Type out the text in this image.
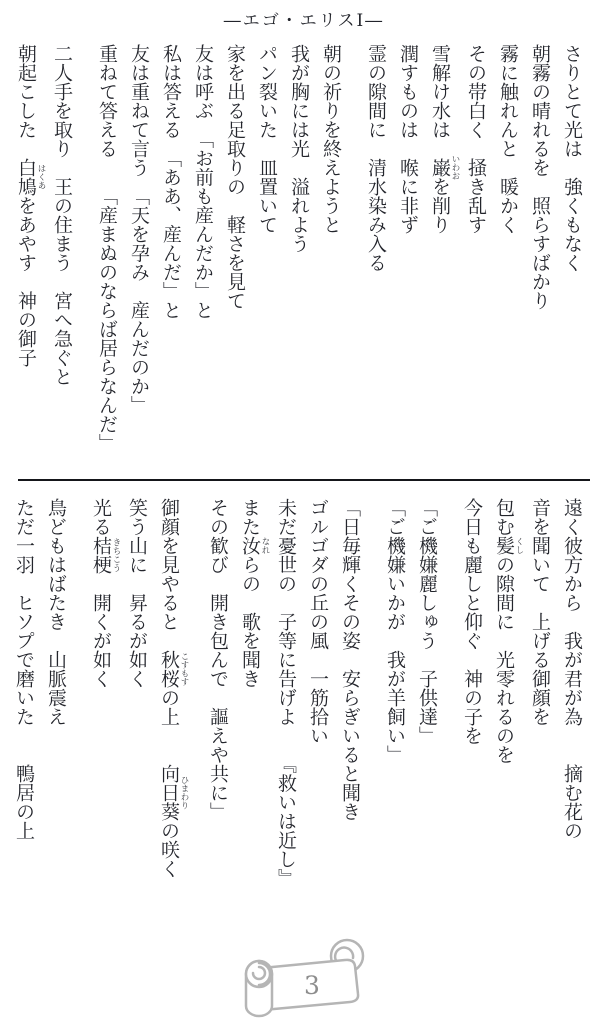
―エゴ・エリスⅠ―
さりとて光は　強くもなく
朝霧の晴れるを　照らすばかり
霧に触れんと　暖かく
その帯白く　掻き乱す
雪解け水は　巌 いわおを削り
潤すものは　喉に非ず
霊の隙間に　清水染み入る
朝の祈りを終えようと
我が胸には光　溢れよう
パン裂いた　皿置いて
家を出る足取りの　軽さを見て
友は呼ぶ　「お前も産んだか」と
私は答える　「ああ、産んだ」と
友は重ねて言う　「天を孕み　産んだのか」
重ねて答える　　「産まぬのならば居らなんだ」
二人手を取り　王の住まう　宮へ急ぐと
朝起こした　白鳩 はくあをあやす　神の御子
遠く彼方から　我が君が為　　摘む花の
音を聞いて　上げる御顔を
包む髪 くしの隙間に　光零れるのを
今日も麗しと仰ぐ　神の子を
「ご機嫌麗しゅう　子供達」
「ご機嫌いかが　我が羊飼い」
「日毎輝くその姿　安らぎいると聞き
ゴルゴダの丘の風　一筋拾い
未だ憂世の　子等に告げよ　　『救いは近し』
また汝 なれらの　歌を聞き
その歓び　開き包んで　謳えや共に」
御顔を見やると　秋桜 こすもすの上　　向日葵 ひまわりの咲く
笑う山に　昇るが如く
光る桔梗 きちこう　開くが如く
鳥どもはばたき　山脈震え
ただ一羽　ヒソプで磨いた　　鴨居の上
3
